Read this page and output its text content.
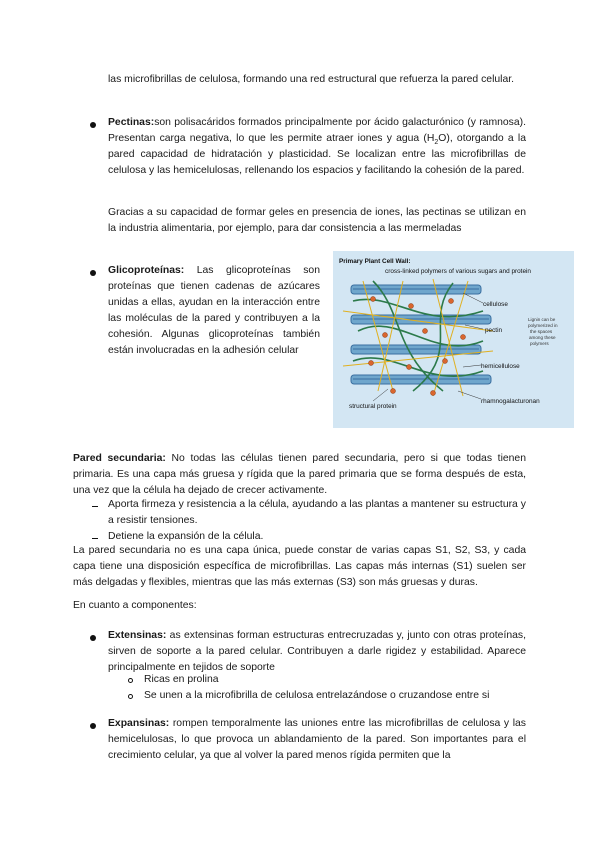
las microfibrillas de celulosa, formando una red estructural que refuerza la pared celular.
Pectinas:son polisacáridos formados principalmente por ácido galacturónico (y ramnosa). Presentan carga negativa, lo que les permite atraer iones y agua $(H_2O)$, otorgando a la pared capacidad de hidratación y plasticidad. Se localizan entre las microfibrillas de celulosa y las hemicelulosas, rellenando los espacios y facilitando la cohesión de la pared.
Gracias a su capacidad de formar geles en presencia de iones, las pectinas se utilizan en la industria alimentaria, por ejemplo, para dar consistencia a las mermeladas
Glicoproteínas: Las glicoproteínas son proteínas que tienen cadenas de azúcares unidas a ellas, ayudan en la interacción entre las moléculas de la pared y contribuyen a la cohesión. Algunas glicoproteínas también están involucradas en la adhesión celular
Primary Plant Cell Wall:
cross-linked polymers of various sugars and protein
cellulose
pectin
hemicellulose
rhamnogalacturonan
structural protein
Lignin can be
polymerized in
the spaces
among these
polymers
Pared secundaria: No todas las células tienen pared secundaria, pero si que todas tienen primaria. Es una capa más gruesa y rígida que la pared primaria que se forma después de esta, una vez que la célula ha dejado de crecer activamente.
Aporta firmeza y resistencia a la célula, ayudando a las plantas a mantener su estructura y a resistir tensiones.
Detiene la expansión de la célula.
La pared secundaria no es una capa única, puede constar de varias capas S1, S2, S3, y cada capa tiene una disposición específica de microfibrillas. Las capas más internas (S1) suelen ser más delgadas y flexibles, mientras que las más externas (S3) son más gruesas y duras.
En cuanto a componentes:
Extensinas: as extensinas forman estructuras entrecruzadas y, junto con otras proteínas, sirven de soporte a la pared celular. Contribuyen a darle rigidez y estabilidad. Aparece principalmente en tejidos de soporte
Ricas en prolina
Se unen a la microfibrilla de celulosa entrelazándose o cruzandose entre si
Expansinas: rompen temporalmente las uniones entre las microfibrillas de celulosa y las hemicelulosas, lo que provoca un ablandamiento de la pared. Son importantes para el crecimiento celular, ya que al volver la pared menos rígida permiten que la
